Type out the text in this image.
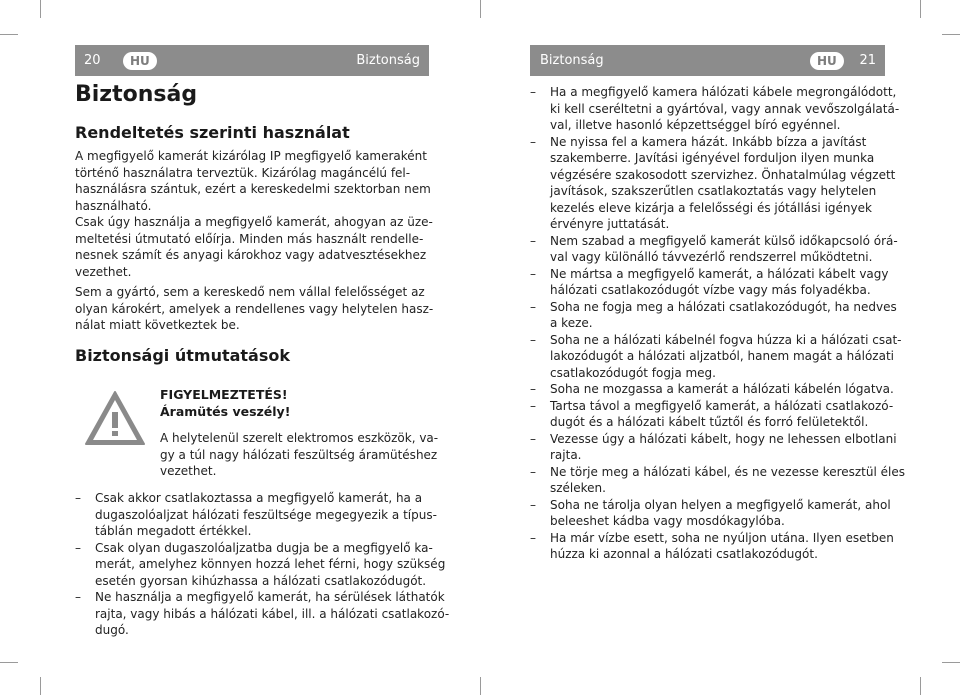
20	HU	Biztonság
Biztonság
Rendeltetés szerinti használat

A megfigyelő kamerát kizárólag IP megfigyelő kameraként
történő használatra terveztük. Kizárólag magáncélú fel-
használásra szántuk, ezért a kereskedelmi szektorban nem
használható.

Csak úgy használja a megfigyelő kamerát, ahogyan az üze-
meltetési útmutató előírja. Minden más használt rendelle-
nesnek számít és anyagi károkhoz vagy adatvesztésekhez
vezethet.

Sem a gyártó, sem a kereskedő nem vállal felelősséget az
olyan károkért, amelyek a rendellenes vagy helytelen hasz-
nálat miatt következtek be.

Biztonsági útmutatások
FIGYELMEZTETÉS!
Áramütés veszély!
A helytelenül szerelt elektromos eszközök, va-
gy a túl nagy hálózati feszültség áramütéshez
vezethet.
– Csak akkor csatlakoztassa a megfigyelő kamerát, ha a
dugaszolóaljzat hálózati feszültsége megegyezik a típus-
táblán megadott értékkel.
– Csak olyan dugaszolóaljzatba dugja be a megfigyelő ka-
merát, amelyhez könnyen hozzá lehet férni, hogy szükség
esetén gyorsan kihúzhassa a hálózati csatlakozódugót.
– Ne használja a megfigyelő kamerát, ha sérülések láthatók
rajta, vagy hibás a hálózati kábel, ill. a hálózati csatlakozó-
dugó.
Biztonság	HU	21
– Ha a megfigyelő kamera hálózati kábele megrongálódott,
ki kell cseréltetni a gyártóval, vagy annak vevőszolgálatá-
val, illetve hasonló képzettséggel bíró egyénnel.
– Ne nyissa fel a kamera házát. Inkább bízza a javítást
szakemberre. Javítási igényével forduljon ilyen munka
végzésére szakosodott szervizhez. Önhatalmúlag végzett
javítások, szakszerűtlen csatlakoztatás vagy helytelen
kezelés eleve kizárja a felelősségi és jótállási igények
érvényre juttatását.
– Nem szabad a megfigyelő kamerát külső időkapcsoló órá-
val vagy különálló távvezérlő rendszerrel működtetni.
– Ne mártsa a megfigyelő kamerát, a hálózati kábelt vagy
hálózati csatlakozódugót vízbe vagy más folyadékba.
– Soha ne fogja meg a hálózati csatlakozódugót, ha nedves
a keze.
– Soha ne a hálózati kábelnél fogva húzza ki a hálózati csat-
lakozódugót a hálózati aljzatból, hanem magát a hálózati
csatlakozódugót fogja meg.
– Soha ne mozgassa a kamerát a hálózati kábelén lógatva.
– Tartsa távol a megfigyelő kamerát, a hálózati csatlakozó-
dugót és a hálózati kábelt tűztől és forró felületektől.
– Vezesse úgy a hálózati kábelt, hogy ne lehessen elbotlani
rajta.
– Ne törje meg a hálózati kábel, és ne vezesse keresztül éles
széleken.
– Soha ne tárolja olyan helyen a megfigyelő kamerát, ahol
beleeshet kádba vagy mosdókagylóba.
– Ha már vízbe esett, soha ne nyúljon utána. Ilyen esetben
húzza ki azonnal a hálózati csatlakozódugót.
